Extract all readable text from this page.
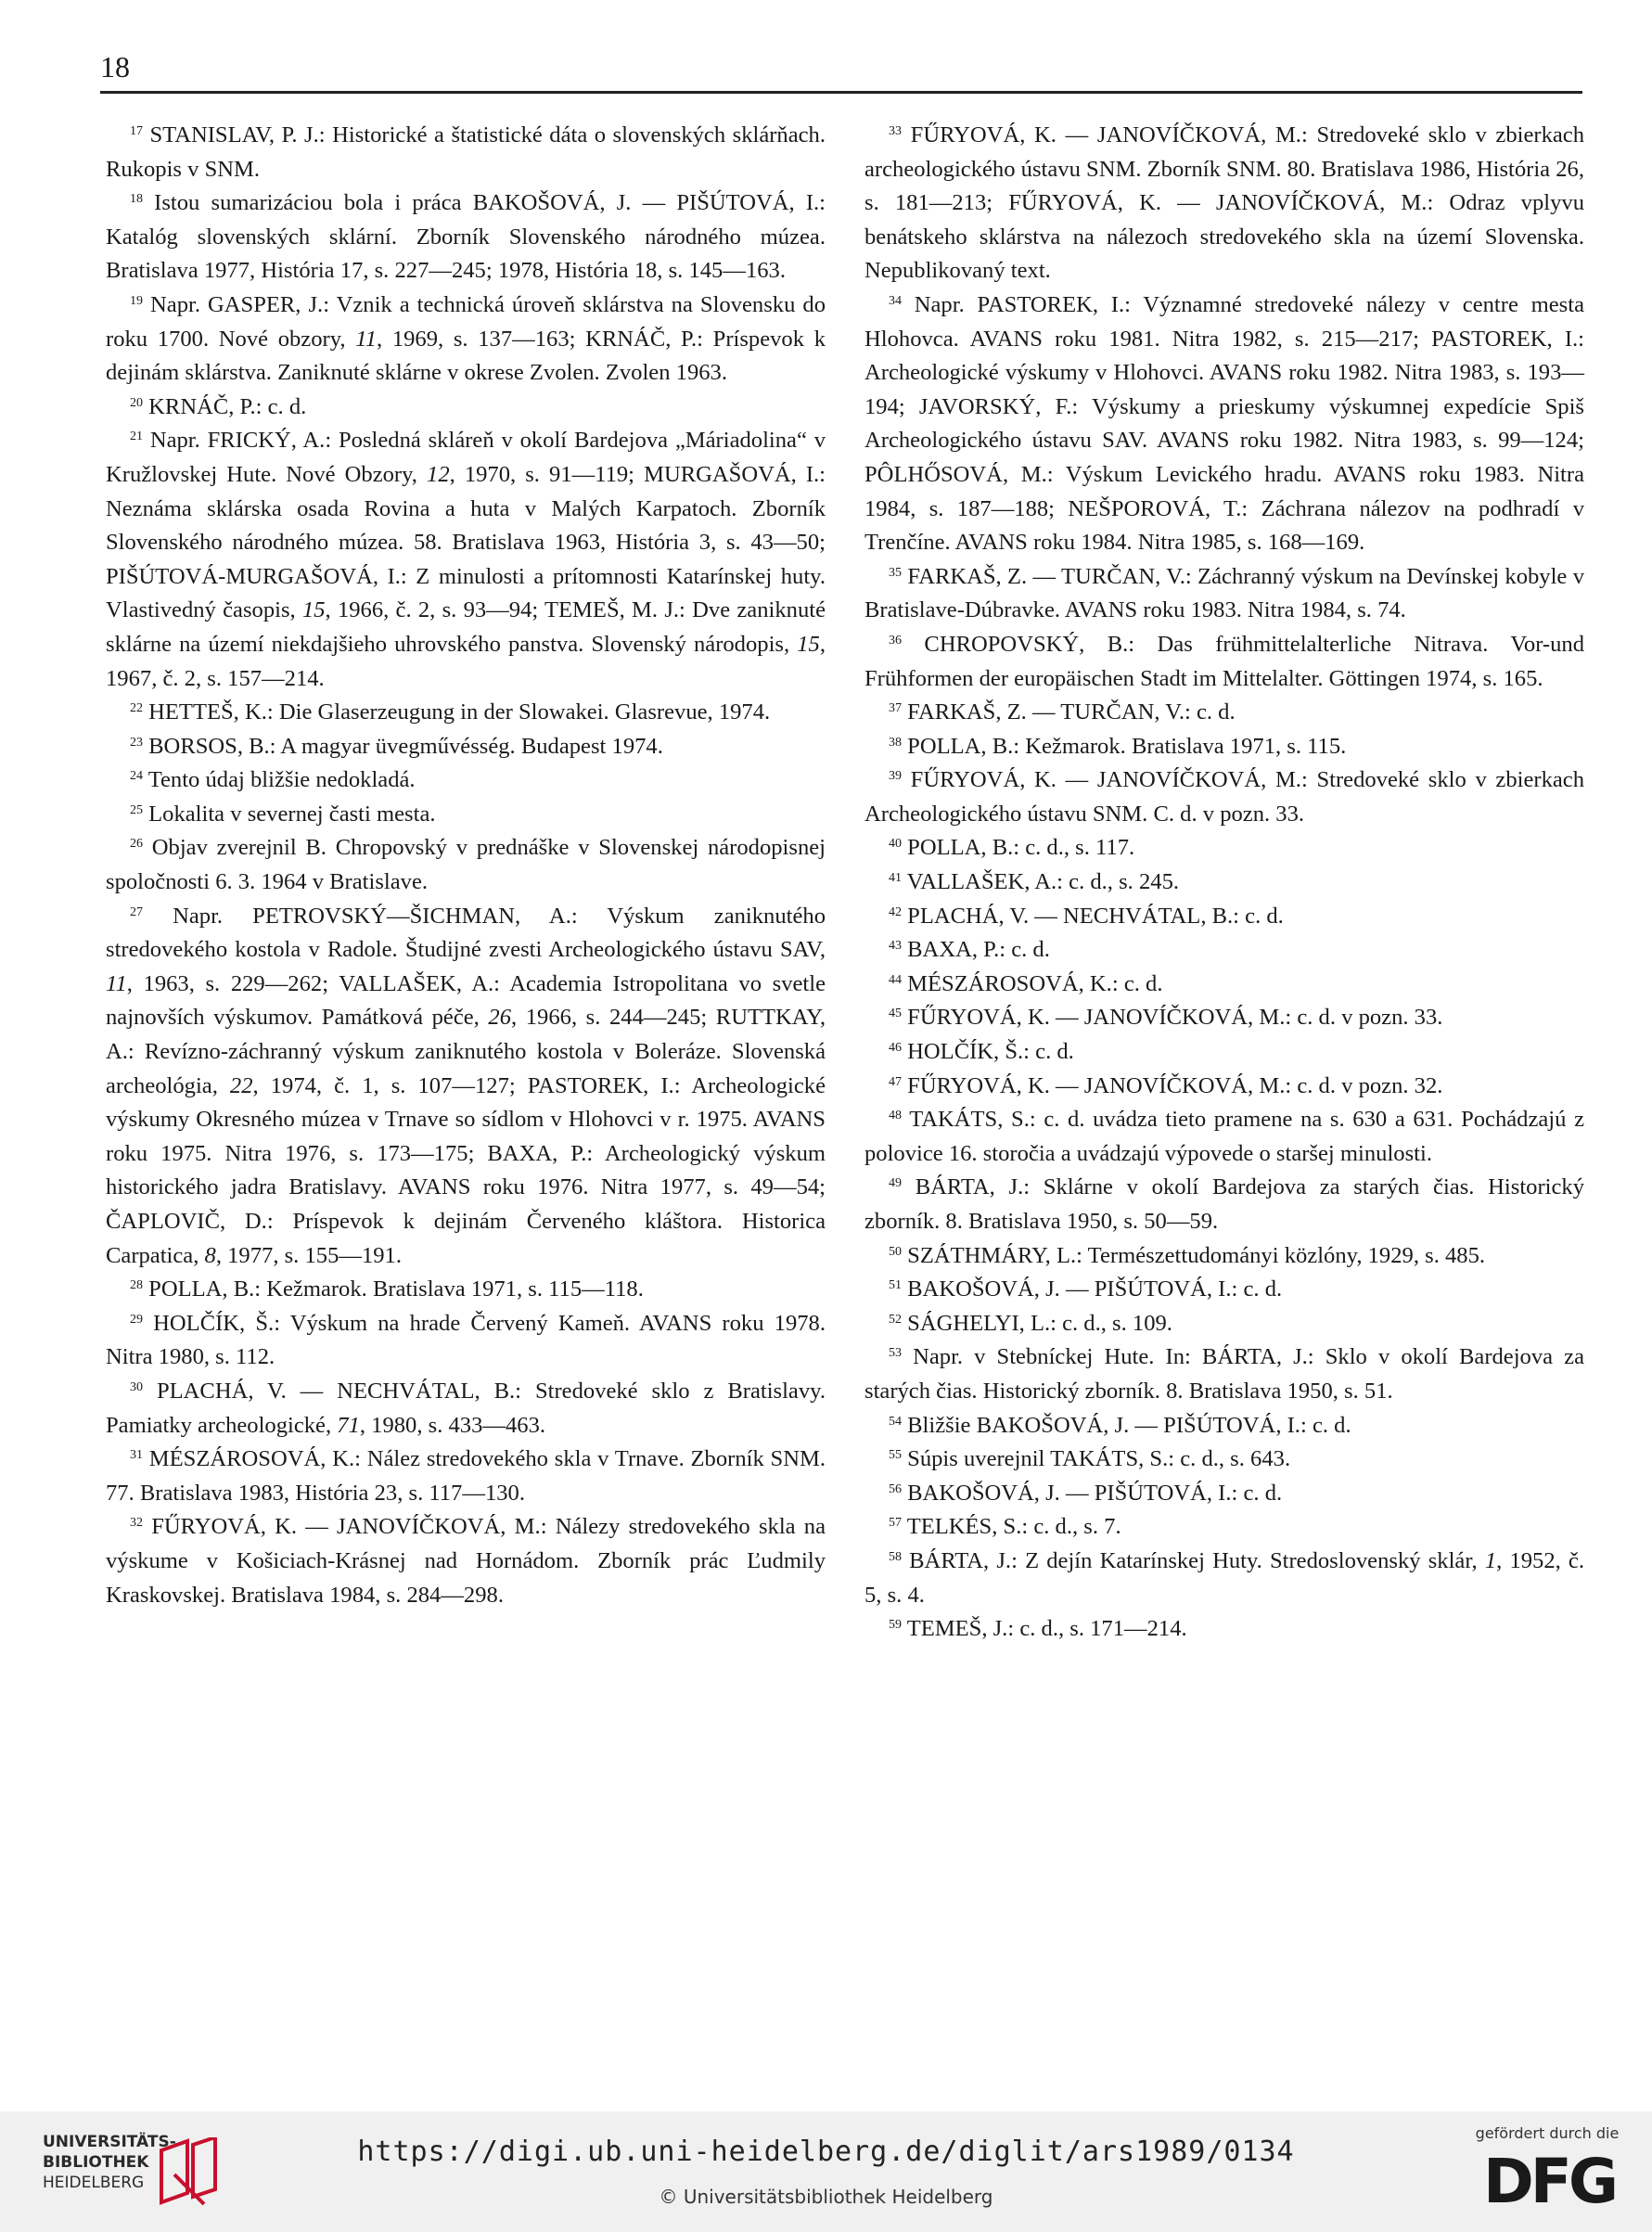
18

$^{17}$ STANISLAV, P. J.: Historické a štatistické dáta o slovenských sklárňach. Rukopis v SNM.

$^{18}$ Istou sumarizáciou bola i práca BAKOŠOVÁ, J. — PIŠÚTOVÁ, I.: Katalóg slovenských sklární. Zborník Slovenského národného múzea. Bratislava 1977, História 17, s. 227—245; 1978, História 18, s. 145—163.

$^{19}$ Napr. GASPER, J.: Vznik a technická úroveň sklárstva na Slovensku do roku 1700. Nové obzory, 11, 1969, s. 137—163; KRNÁČ, P.: Príspevok k dejinám sklárstva. Zaniknuté sklárne v okrese Zvolen. Zvolen 1963.

$^{20}$ KRNÁČ, P.: c. d.

$^{21}$ Napr. FRICKÝ, A.: Posledná skláreň v okolí Bardejova „Máriadolina“ v Kružlovskej Hute. Nové Obzory, 12, 1970, s. 91—119; MURGAŠOVÁ, I.: Neznáma sklárska osada Rovina a huta v Malých Karpatoch. Zborník Slovenského národného múzea. 58. Bratislava 1963, História 3, s. 43—50; PIŠÚTOVÁ-MURGAŠOVÁ, I.: Z minulosti a prítomnosti Katarínskej huty. Vlastivedný časopis, 15, 1966, č. 2, s. 93—94; TEMEŠ, M. J.: Dve zaniknuté sklárne na území niekdajšieho uhrovského panstva. Slovenský národopis, 15, 1967, č. 2, s. 157—214.

$^{22}$ HETTEŠ, K.: Die Glaserzeugung in der Slowakei. Glasrevue, 1974.

$^{23}$ BORSOS, B.: A magyar üvegművésség. Budapest 1974.

$^{24}$ Tento údaj bližšie nedokladá.

$^{25}$ Lokalita v severnej časti mesta.

$^{26}$ Objav zverejnil B. Chropovský v prednáške v Slovenskej národopisnej spoločnosti 6. 3. 1964 v Bratislave.

$^{27}$ Napr. PETROVSKÝ—ŠICHMAN, A.: Výskum zaniknutého stredovekého kostola v Radole. Študijné zvesti Archeologického ústavu SAV, 11, 1963, s. 229—262; VALLAŠEK, A.: Academia Istropolitana vo svetle najnovších výskumov. Památková péče, 26, 1966, s. 244—245; RUTTKAY, A.: Revízno-záchranný výskum zaniknutého kostola v Boleráze. Slovenská archeológia, 22, 1974, č. 1, s. 107—127; PASTOREK, I.: Archeologické výskumy Okresného múzea v Trnave so sídlom v Hlohovci v r. 1975. AVANS roku 1975. Nitra 1976, s. 173—175; BAXA, P.: Archeologický výskum historického jadra Bratislavy. AVANS roku 1976. Nitra 1977, s. 49—54; ČAPLOVIČ, D.: Príspevok k dejinám Červeného kláštora. Historica Carpatica, 8, 1977, s. 155—191.

$^{28}$ POLLA, B.: Kežmarok. Bratislava 1971, s. 115—118.

$^{29}$ HOLČÍK, Š.: Výskum na hrade Červený Kameň. AVANS roku 1978. Nitra 1980, s. 112.

$^{30}$ PLACHÁ, V. — NECHVÁTAL, B.: Stredoveké sklo z Bratislavy. Pamiatky archeologické, 71, 1980, s. 433—463.

$^{31}$ MÉSZÁROSOVÁ, K.: Nález stredovekého skla v Trnave. Zborník SNM. 77. Bratislava 1983, História 23, s. 117—130.

$^{32}$ FŰRYOVÁ, K. — JANOVÍČKOVÁ, M.: Nálezy stredovekého skla na výskume v Košiciach-Krásnej nad Hornádom. Zborník prác Ľudmily Kraskovskej. Bratislava 1984, s. 284—298.

$^{33}$ FŰRYOVÁ, K. — JANOVÍČKOVÁ, M.: Stredoveké sklo v zbierkach archeologického ústavu SNM. Zborník SNM. 80. Bratislava 1986, História 26, s. 181—213; FŰRYOVÁ, K. — JANOVÍČKOVÁ, M.: Odraz vplyvu benátskeho sklárstva na nálezoch stredovekého skla na území Slovenska. Nepublikovaný text.

$^{34}$ Napr. PASTOREK, I.: Významné stredoveké nálezy v centre mesta Hlohovca. AVANS roku 1981. Nitra 1982, s. 215—217; PASTOREK, I.: Archeologické výskumy v Hlohovci. AVANS roku 1982. Nitra 1983, s. 193—194; JAVORSKÝ, F.: Výskumy a prieskumy výskumnej expedície Spiš Archeologického ústavu SAV. AVANS roku 1982. Nitra 1983, s. 99—124; PÔLHŐSOVÁ, M.: Výskum Levického hradu. AVANS roku 1983. Nitra 1984, s. 187—188; NEŠPOROVÁ, T.: Záchrana nálezov na podhradí v Trenčíne. AVANS roku 1984. Nitra 1985, s. 168—169.

$^{35}$ FARKAŠ, Z. — TURČAN, V.: Záchranný výskum na Devínskej kobyle v Bratislave-Dúbravke. AVANS roku 1983. Nitra 1984, s. 74.

$^{36}$ CHROPOVSKÝ, B.: Das frühmittelalterliche Nitrava. Vor-und Frühformen der europäischen Stadt im Mittelalter. Göttingen 1974, s. 165.

$^{37}$ FARKAŠ, Z. — TURČAN, V.: c. d.

$^{38}$ POLLA, B.: Kežmarok. Bratislava 1971, s. 115.

$^{39}$ FŰRYOVÁ, K. — JANOVÍČKOVÁ, M.: Stredoveké sklo v zbierkach Archeologického ústavu SNM. C. d. v pozn. 33.

$^{40}$ POLLA, B.: c. d., s. 117.

$^{41}$ VALLAŠEK, A.: c. d., s. 245.

$^{42}$ PLACHÁ, V. — NECHVÁTAL, B.: c. d.

$^{43}$ BAXA, P.: c. d.

$^{44}$ MÉSZÁROSOVÁ, K.: c. d.

$^{45}$ FŰRYOVÁ, K. — JANOVÍČKOVÁ, M.: c. d. v pozn. 33.

$^{46}$ HOLČÍK, Š.: c. d.

$^{47}$ FŰRYOVÁ, K. — JANOVÍČKOVÁ, M.: c. d. v pozn. 32.

$^{48}$ TAKÁTS, S.: c. d. uvádza tieto pramene na s. 630 a 631. Pochádzajú z polovice 16. storočia a uvádzajú výpovede o staršej minulosti.

$^{49}$ BÁRTA, J.: Sklárne v okolí Bardejova za starých čias. Historický zborník. 8. Bratislava 1950, s. 50—59.

$^{50}$ SZÁTHMÁRY, L.: Természettudományi közlóny, 1929, s. 485.

$^{51}$ BAKOŠOVÁ, J. — PIŠÚTOVÁ, I.: c. d.

$^{52}$ SÁGHELYI, L.: c. d., s. 109.

$^{53}$ Napr. v Stebníckej Hute. In: BÁRTA, J.: Sklo v okolí Bardejova za starých čias. Historický zborník. 8. Bratislava 1950, s. 51.

$^{54}$ Bližšie BAKOŠOVÁ, J. — PIŠÚTOVÁ, I.: c. d.

$^{55}$ Súpis uverejnil TAKÁTS, S.: c. d., s. 643.

$^{56}$ BAKOŠOVÁ, J. — PIŠÚTOVÁ, I.: c. d.

$^{57}$ TELKÉS, S.: c. d., s. 7.

$^{58}$ BÁRTA, J.: Z dejín Katarínskej Huty. Stredoslovenský sklár, 1, 1952, č. 5, s. 4.

$^{59}$ TEMEŠ, J.: c. d., s. 171—214.

UNIVERSITÄTS-
BIBLIOTHEK
HEIDELBERG
https://digi.ub.uni-heidelberg.de/diglit/ars1989/0134
© Universitätsbibliothek Heidelberg
gefördert durch die
DFG
